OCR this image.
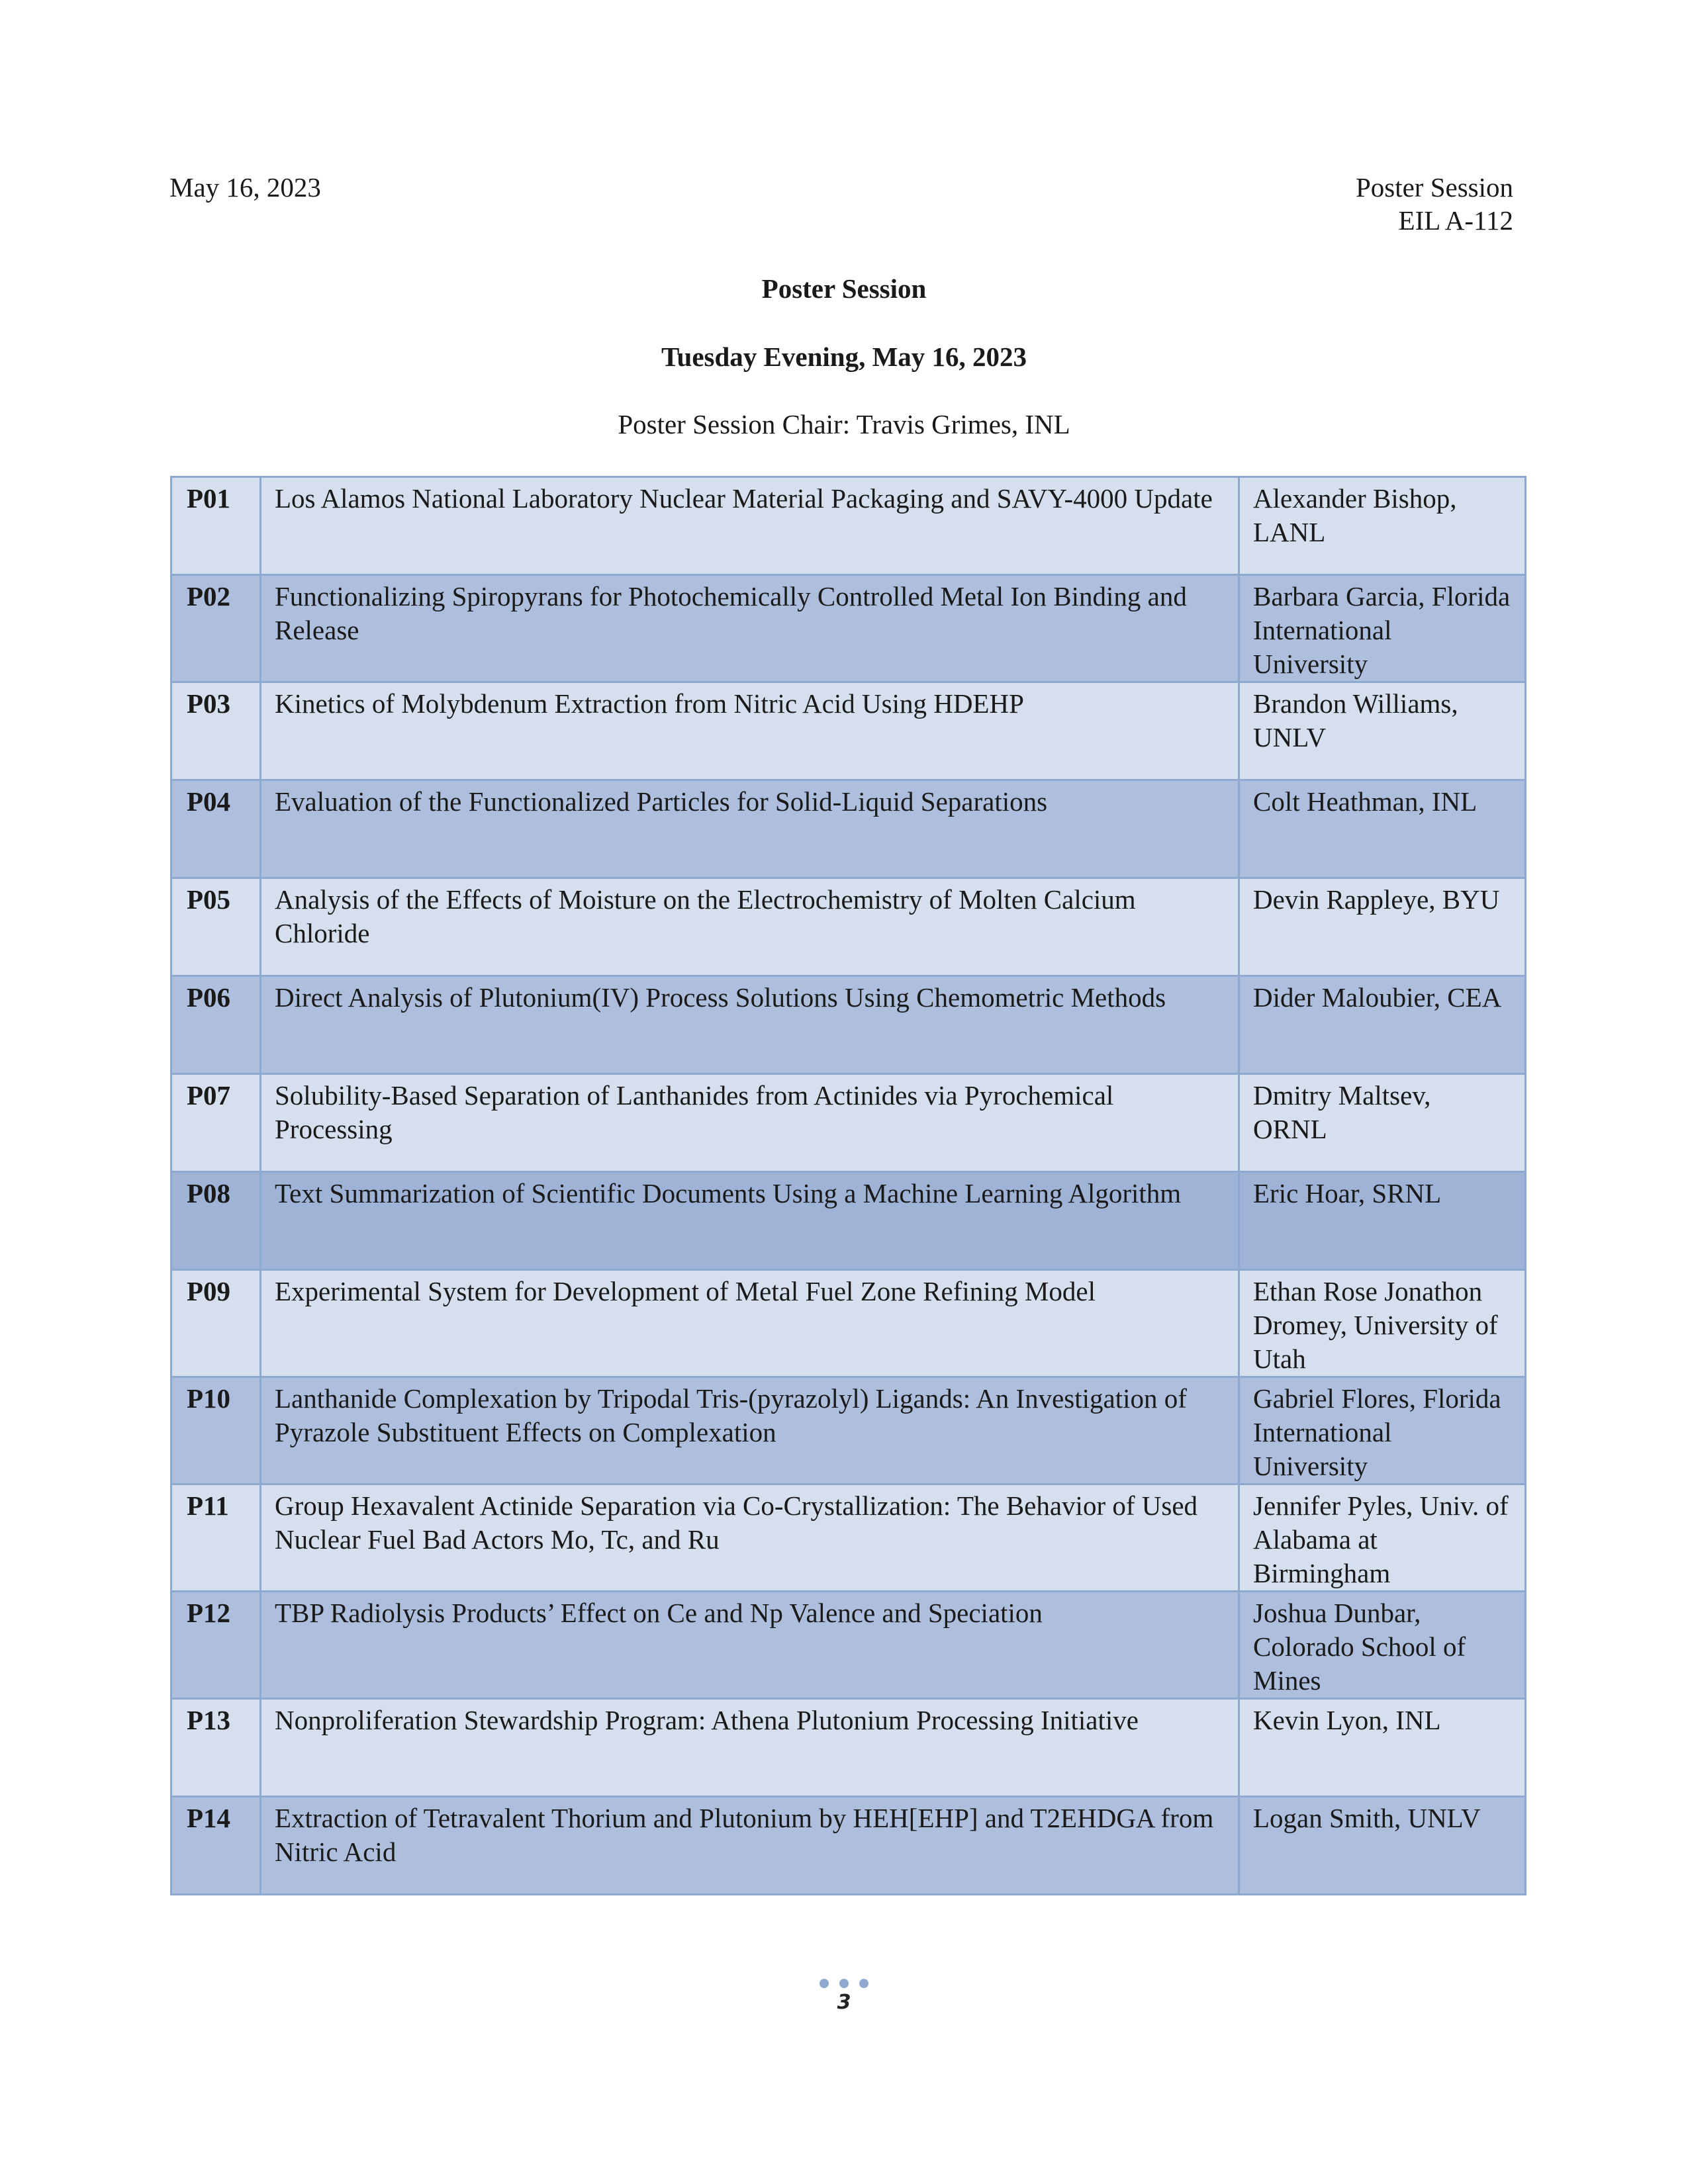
May 16, 2023	Poster Session
EIL A-112
Poster Session
Tuesday Evening, May 16, 2023
Poster Session Chair: Travis Grimes, INL
P01	Los Alamos National Laboratory Nuclear Material Packaging and SAVY-4000 Update	Alexander Bishop, LANL
P02	Functionalizing Spiropyrans for Photochemically Controlled Metal Ion Binding and Release	Barbara Garcia, Florida International University
P03	Kinetics of Molybdenum Extraction from Nitric Acid Using HDEHP	Brandon Williams, UNLV
P04	Evaluation of the Functionalized Particles for Solid-Liquid Separations	Colt Heathman, INL
P05	Analysis of the Effects of Moisture on the Electrochemistry of Molten Calcium Chloride	Devin Rappleye, BYU
P06	Direct Analysis of Plutonium(IV) Process Solutions Using Chemometric Methods	Dider Maloubier, CEA
P07	Solubility-Based Separation of Lanthanides from Actinides via Pyrochemical Processing	Dmitry Maltsev, ORNL
P08	Text Summarization of Scientific Documents Using a Machine Learning Algorithm	Eric Hoar, SRNL
P09	Experimental System for Development of Metal Fuel Zone Refining Model	Ethan Rose Jonathon Dromey, University of Utah
P10	Lanthanide Complexation by Tripodal Tris-(pyrazolyl) Ligands: An Investigation of Pyrazole Substituent Effects on Complexation	Gabriel Flores, Florida International University
P11	Group Hexavalent Actinide Separation via Co-Crystallization: The Behavior of Used Nuclear Fuel Bad Actors Mo, Tc, and Ru	Jennifer Pyles, Univ. of Alabama at Birmingham
P12	TBP Radiolysis Products’ Effect on Ce and Np Valence and Speciation	Joshua Dunbar, Colorado School of Mines
P13	Nonproliferation Stewardship Program: Athena Plutonium Processing Initiative	Kevin Lyon, INL
P14	Extraction of Tetravalent Thorium and Plutonium by HEH[EHP] and T2EHDGA from Nitric Acid	Logan Smith, UNLV
3
